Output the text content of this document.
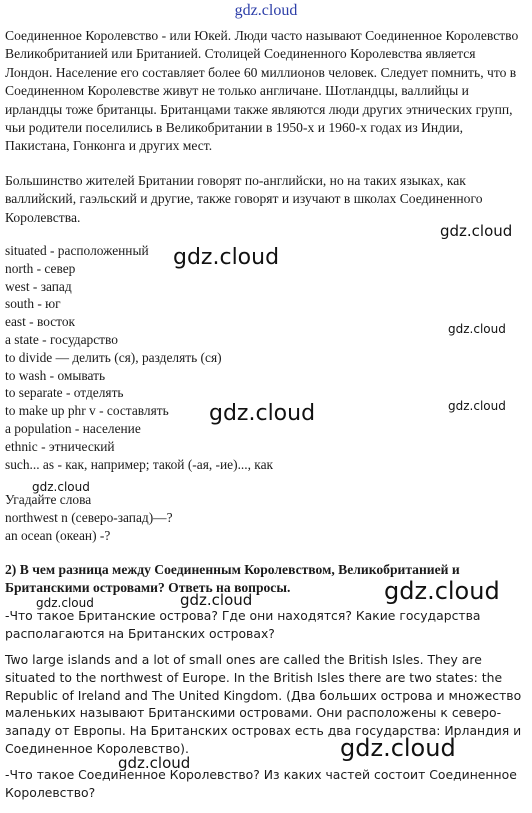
gdz.cloud

Соединенное Королевство - или Юкей. Люди часто называют Соединенное Королевство Великобританией или Британией. Столицей Соединенного Королевства является Лондон. Население его составляет более 60 миллионов человек. Следует помнить, что в Соединенном Королевстве живут не только англичане. Шотландцы, валлийцы и ирландцы тоже британцы. Британцами также являются люди других этнических групп, чьи родители поселились в Великобритании в 1950-х и 1960-х годах из Индии, Пакистана, Гонконга и других мест.

Большинство жителей Британии говорят по-английски, но на таких языках, как валлийский, гаэльский и другие, также говорят и изучают в школах Соединенного Королевства.

situated - расположенный
north - север
west - запад
south - юг
east - восток
a state - государство
to divide — делить (ся), разделять (ся)
to wash - омывать
to separate - отделять
to make up phr v - составлять
a population - население
ethnic - этнический
such... as - как, например; такой (-ая, -ие)..., как
Угадайте слова
northwest n (северо-запад)—?
an ocean (океан) -?

2) В чем разница между Соединенным Королевством, Великобританией и Британскими островами? Ответь на вопросы.

-Что такое Британские острова? Где они находятся? Какие государства располагаются на Британских островах?

Two large islands and a lot of small ones are called the British Isles. They are situated to the northwest of Europe. In the British Isles there are two states: the Republic of Ireland and The United Kingdom. (Два больших острова и множество маленьких называют Британскими островами. Они расположены к северо-западу от Европы. На Британских островах есть два государства: Ирландия и Соединенное Королевство).

-Что такое Соединенное Королевство? Из каких частей состоит Соединенное Королевство?

gdz.cloud
gdz.cloud
gdz.cloud
gdz.cloud
gdz.cloud
gdz.cloud
gdz.cloud
gdz.cloud	gdz.cloud
gdz.cloud
gdz.cloud
